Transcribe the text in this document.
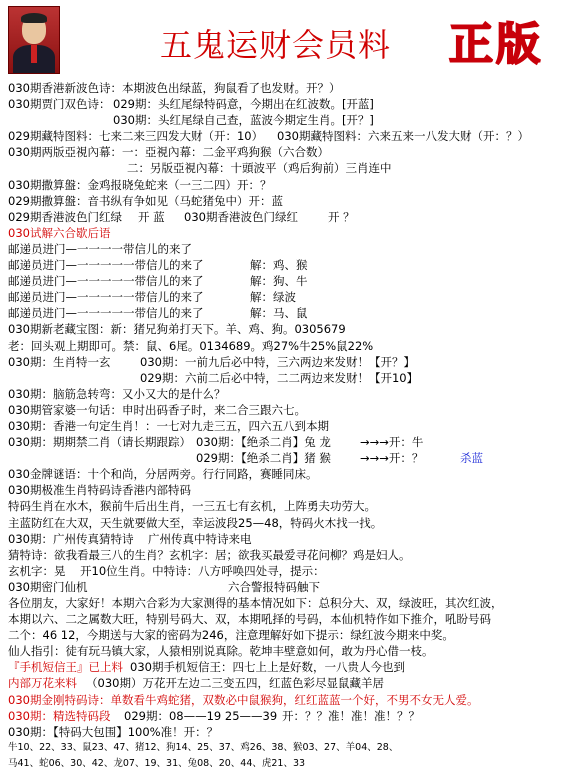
五鬼运财会员料 正版
030期香港新波色诗：本期波色出绿蓝，狗鼠看了也发财。开？）
030期贾门双色诗： 029期：头红尾绿特码意，今期出在红波数。[开蓝]
030期：头红尾绿自己查，蓝波今期定生肖。[开？]
029期藏特图料：七来二来三四发大财（开：10） 030期藏特图料：六来五来一八发大财（开：？）
030期两版亞視內幕：一：亞視內幕：二金平鸡狗猴（六合数）
二：另版亞視內幕：十頭波平（鸡后狗前）三肖连中
030期撒算盤：金鸡报晓兔蛇来（一三二四）开：？
029期撒算盤：音书纵有争如见（马蛇猪兔中）开：蓝
029期香港波色门红绿 开 蓝 030期香港波色门绿红	开 ？
030试解六合歇后语
邮递员进门—一一一一带信儿的来了
邮递员进门—一一一一一带信儿的来了	解：鸡、猴
邮递员进门—一一一一一带信儿的来了	解：狗、牛
邮递员进门—一一一一一带信儿的来了	解：绿波
邮递员进门—一一一一一带信儿的来了	解：马、鼠
030期新老藏宝图：新：猪兄狗弟打天下。羊、鸡、狗。0305679
老：回头观上期即可。禁：鼠、6尾。0134689。鸡27%牛25%鼠22%
030期：生肖特一玄	030期：一前九后必中特，三六两边来发财！【开？】
029期：六前二后必中特，二二两边来发财！【开10】
030期：脑筋急转弯：又小又大的是什么？
030期管家婆一句话：申时出码香子时，来二合三跟六七。
030期：香港一句定生肖！：一七对九走三五，四六五八到本期
030期：期期禁二肖（请长期跟踪） 030期：【绝杀二肖】兔 龙	→→→开：牛
029期：【绝杀二肖】猪 猴	→→→开：？	杀蓝
030金牌谜语：十个和尚，分居两旁。行行同路，赛睡同床。
030期极准生肖特码诗香港内部特码
特码生肖在水木，猴前牛后出生肖，一三五七有玄机，上阵勇夫功劳大。
主蓝防红在大双，天生就要做大至，幸运波段25—48，特码火木找一找。
030期：广州传真猜特诗 广州传真中特诗来电
猜特诗：欲我看最三八的生肖？玄机字：居；欲我买最爱寻花问柳？鸡是妇人。
玄机字：晃 开10位生肖。中特诗：八方呼唤四处寻，提示：
030期密门仙机	六合警报特码触下
各位朋友，大家好！本期六合彩为大家测得的基本情况如下：总积分大、双，绿波旺，其次红波，
本期以六、二之属数大旺，特别号码大、双，本期吼择的号码，本仙机特作如下推介，吼盼号码
二个：46 12，今期送与大家的密码为246，注意理解好如下提示：绿红波今期来中奖。
仙人指引：徒有玩马镇大家，人猿相别说真除。乾坤丰壁意如何，敢为丹心借一枝。
『手机短信王』已上料 030期手机短信王：四七上上是好数，一八贵人今也到
内部万花来料 （030期）万花开左边二三变五四，红蓝色彩尽显鼠藏羊居
030期金刚特码诗：单数看牛鸡蛇猪，双数必中鼠猴狗，红红蓝蓝一个好，不男不女无人爱。
030期：精选特码段 029期：08——19 25——39 开：？？准！准！准！？？
030期：【特码大包围】100%准！开：？
牛10、22、33、鼠23、47、猪12、狗14、25、37、鸡26、38、猴03、27、羊04、28、
马41、蛇06、30、42、龙07、19、31、兔08、20、44、虎21、33
